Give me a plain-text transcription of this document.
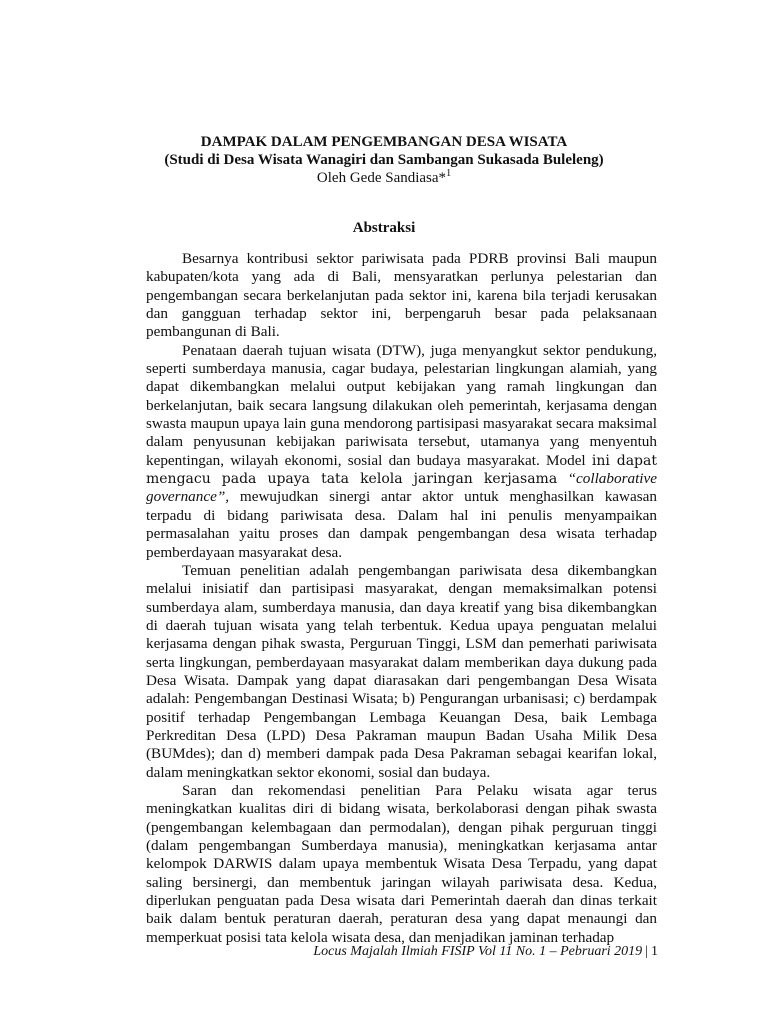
DAMPAK DALAM PENGEMBANGAN DESA WISATA

(Studi di Desa Wisata Wanagiri dan Sambangan Sukasada Buleleng)

Oleh Gede Sandiasa*$^1$

Abstraksi

Besarnya kontribusi sektor pariwisata pada PDRB provinsi Bali maupun kabupaten/kota yang ada di Bali, mensyaratkan perlunya pelestarian dan pengembangan secara berkelanjutan pada sektor ini, karena bila terjadi kerusakan dan gangguan terhadap sektor ini, berpengaruh besar pada pelaksanaan pembangunan di Bali.

Penataan daerah tujuan wisata (DTW), juga menyangkut sektor pendukung, seperti sumberdaya manusia, cagar budaya, pelestarian lingkungan alamiah, yang dapat dikembangkan melalui output kebijakan yang ramah lingkungan dan berkelanjutan, baik secara langsung dilakukan oleh pemerintah, kerjasama dengan swasta maupun upaya lain guna mendorong partisipasi masyarakat secara maksimal dalam penyusunan kebijakan pariwisata tersebut, utamanya yang menyentuh kepentingan, wilayah ekonomi, sosial dan budaya masyarakat. Model ini dapat mengacu pada upaya tata kelola jaringan kerjasama “collaborative governance”, mewujudkan sinergi antar aktor untuk menghasilkan kawasan terpadu di bidang pariwisata desa. Dalam hal ini penulis menyampaikan permasalahan yaitu proses dan dampak pengembangan desa wisata terhadap pemberdayaan masyarakat desa.

Temuan penelitian adalah pengembangan pariwisata desa dikembangkan melalui inisiatif dan partisipasi masyarakat, dengan memaksimalkan potensi sumberdaya alam, sumberdaya manusia, dan daya kreatif yang bisa dikembangkan di daerah tujuan wisata yang telah terbentuk. Kedua upaya penguatan melalui kerjasama dengan pihak swasta, Perguruan Tinggi, LSM dan pemerhati pariwisata serta lingkungan, pemberdayaan masyarakat dalam memberikan daya dukung pada Desa Wisata. Dampak yang dapat diarasakan dari pengembangan Desa Wisata adalah: Pengembangan Destinasi Wisata; b) Pengurangan urbanisasi; c) berdampak positif terhadap Pengembangan Lembaga Keuangan Desa, baik Lembaga Perkreditan Desa (LPD) Desa Pakraman maupun Badan Usaha Milik Desa (BUMdes); dan d) memberi dampak pada Desa Pakraman sebagai kearifan lokal, dalam meningkatkan sektor ekonomi, sosial dan budaya.

Saran dan rekomendasi penelitian Para Pelaku wisata agar terus meningkatkan kualitas diri di bidang wisata, berkolaborasi dengan pihak swasta (pengembangan kelembagaan dan permodalan), dengan pihak perguruan tinggi (dalam pengembangan Sumberdaya manusia), meningkatkan kerjasama antar kelompok DARWIS dalam upaya membentuk Wisata Desa Terpadu, yang dapat saling bersinergi, dan membentuk jaringan wilayah pariwisata desa. Kedua, diperlukan penguatan pada Desa wisata dari Pemerintah daerah dan dinas terkait baik dalam bentuk peraturan daerah, peraturan desa yang dapat menaungi dan memperkuat posisi tata kelola wisata desa, dan menjadikan jaminan terhadap

Locus Majalah Ilmiah FISIP Vol 11 No. 1 – Pebruari 2019 | 1
